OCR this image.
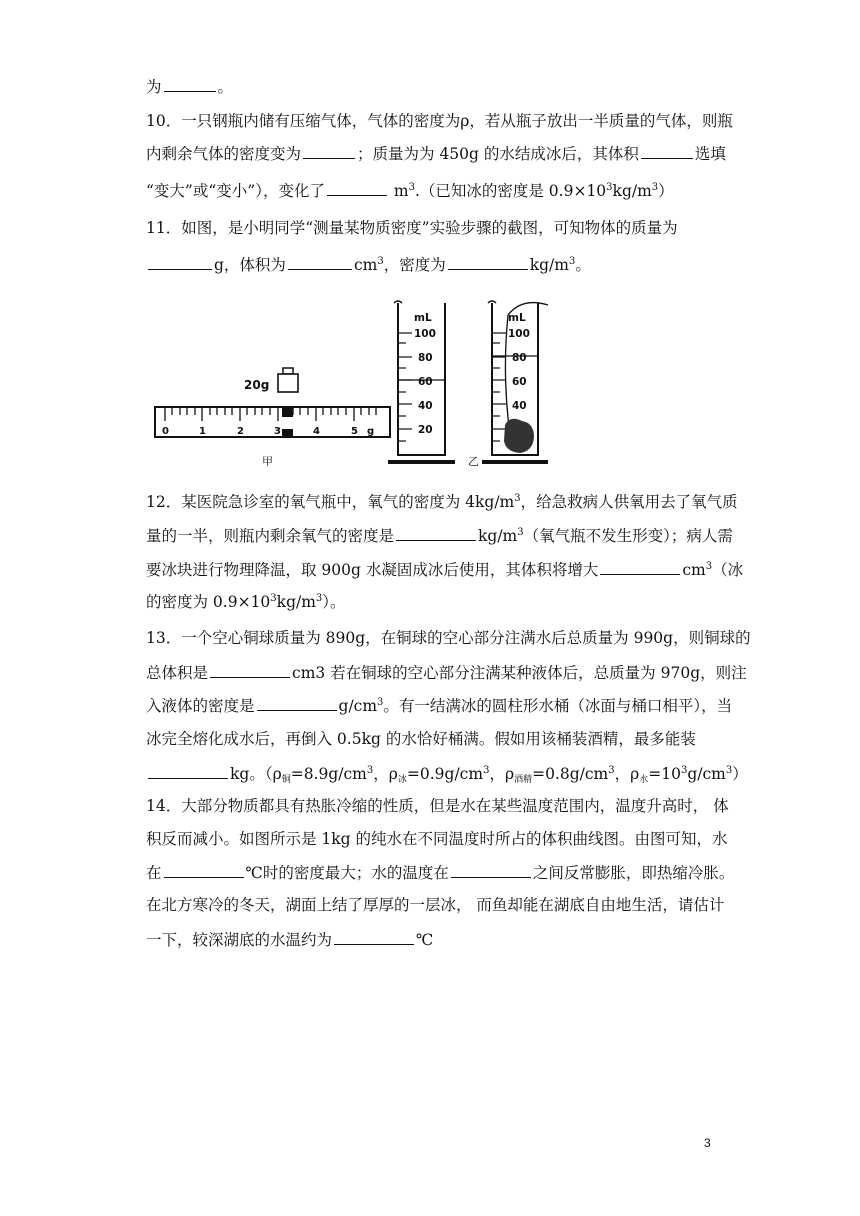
为	。
10．一只钢瓶内储有压缩气体，气体的密度为ρ，若从瓶子放出一半质量的气体，则瓶
内剩余气体的密度变为	；质量为为 450g 的水结成冰后，其体积	选填
“变大”或“变小”），变化了	$m^3$.（已知冰的密度是 $0.9\times 10^3kg/m^3$）
11．如图，是小明同学“测量某物质密度”实验步骤的截图，可知物体的质量为
g，体积为	$cm^3$，密度为	$kg/m^3$。
0	1	2	3	4	5 g
20g
甲
mL
100
80
60
40
20
mL
100
80
60
40
乙
12．某医院急诊室的氧气瓶中，氧气的密度为 $4kg/m^3$，给急救病人供氧用去了氧气质
量的一半，则瓶内剩余氧气的密度是	$kg/m^3$（氧气瓶不发生形变）；病人需
要冰块进行物理降温，取 900g 水凝固成冰后使用，其体积将增大	$cm^3$（冰
的密度为 $0.9\times 10^3kg/m^3$）。
13．一个空心铜球质量为 890g，在铜球的空心部分注满水后总质量为 990g，则铜球的
总体积是	cm3 若在铜球的空心部分注满某种液体后，总质量为 970g，则注
入液体的密度是	$g/cm^3$。有一结满冰的圆柱形水桶（冰面与桶口相平），当
冰完全熔化成水后，再倒入 0.5kg 的水恰好桶满。假如用该桶装酒精，最多能装
kg。（$\rho_铜=8.9g/cm^3$，$\rho_冰=0.9g/cm^3$，$\rho_{酒精}=0.8g/cm^3$，$\rho_水=10^3g/cm^3$）
14．大部分物质都具有热胀冷缩的性质，但是水在某些温度范围内，温度升高时， 体
积反而减小。如图所示是 1kg 的纯水在不同温度时所占的体积曲线图。由图可知，水
在	℃时的密度最大；水的温度在	之间反常膨胀，即热缩冷胀。
在北方寒冷的冬天，湖面上结了厚厚的一层冰， 而鱼却能在湖底自由地生活，请估计
一下，较深湖底的水温约为	℃
3
